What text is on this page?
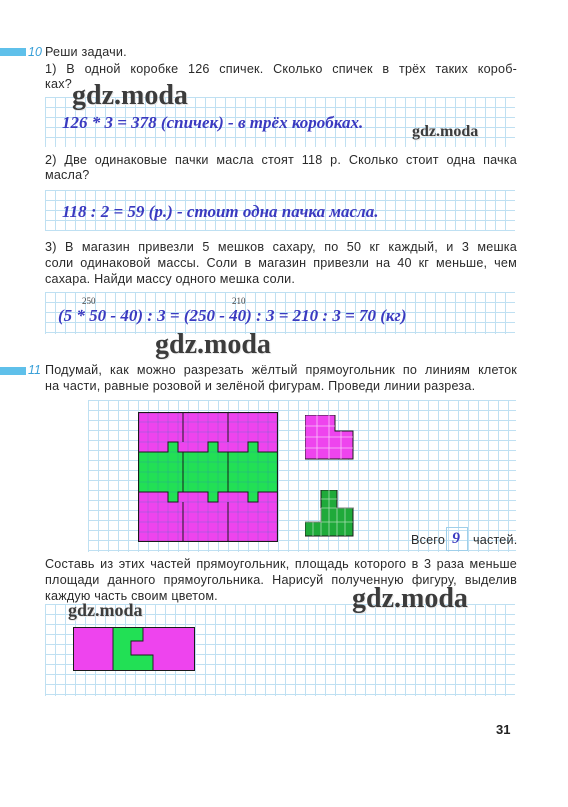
10 Реши задачи.
1) В одной коробке 126 спичек. Сколько спичек в трёх таких короб-
ках?
126 * 3 = 378 (спичек) - в трёх коробках.
2) Две одинаковые пачки масла стоят 118 р. Сколько стоит одна пачка
масла?
118 : 2 = 59 (р.) - стоит одна пачка масла.
3) В магазин привезли 5 мешков сахару, по 50 кг каждый, и 3 мешка
соли одинаковой массы. Соли в магазин привезли на 40 кг меньше, чем
сахара. Найди массу одного мешка соли.
250	210
(5 * 50 - 40) : 3 = (250 - 40) : 3 = 210 : 3 = 70 (кг)
11 Подумай, как можно разрезать жёлтый прямоугольник по линиям клеток
на части, равные розовой и зелёной фигурам. Проведи линии разреза.
Всего 9 частей.
Составь из этих частей прямоугольник, площадь которого в 3 раза меньше
площади данного прямоугольника. Нарисуй полученную фигуру, выделив
каждую часть своим цветом.
gdz.moda
gdz.moda
gdz.moda
gdz.moda
gdz.moda
31
